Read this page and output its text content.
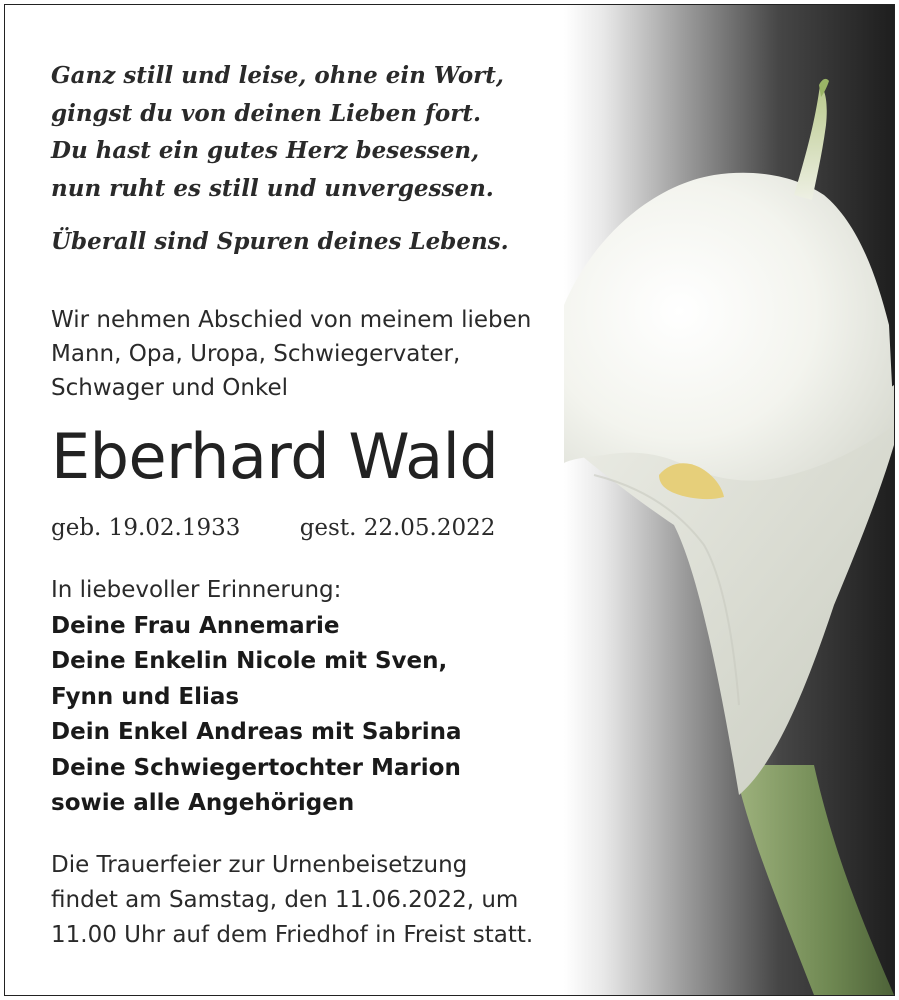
Ganz still und leise, ohne ein Wort,
gingst du von deinen Lieben fort.
Du hast ein gutes Herz besessen,
nun ruht es still und unvergessen.
Überall sind Spuren deines Lebens.
Wir nehmen Abschied von meinem lieben
Mann, Opa, Uropa, Schwiegervater,
Schwager und Onkel
Eberhard Wald
geb. 19.02.1933	gest. 22.05.2022
In liebevoller Erinnerung:
Deine Frau Annemarie
Deine Enkelin Nicole mit Sven,
Fynn und Elias
Dein Enkel Andreas mit Sabrina
Deine Schwiegertochter Marion
sowie alle Angehörigen
Die Trauerfeier zur Urnenbeisetzung
findet am Samstag, den 11.06.2022, um
11.00 Uhr auf dem Friedhof in Freist statt.
